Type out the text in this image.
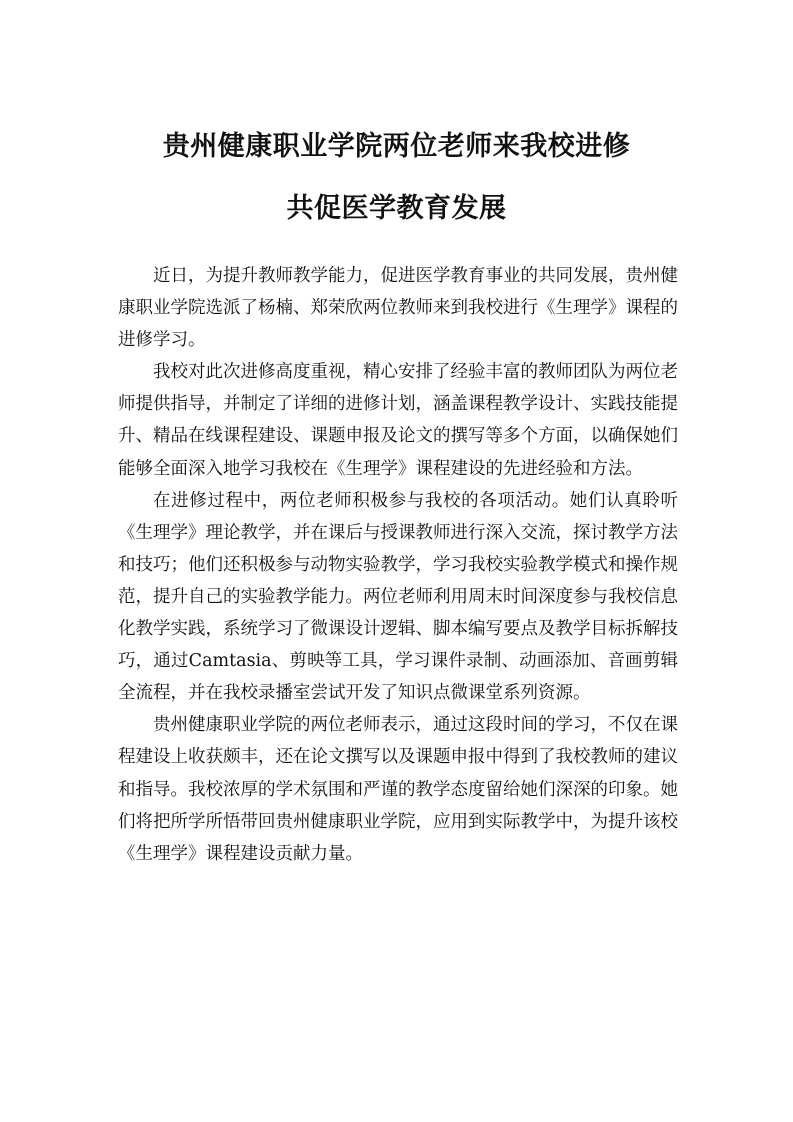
贵州健康职业学院两位老师来我校进修
共促医学教育发展

近日，为提升教师教学能力，促进医学教育事业的共同发展，贵州健康职业学院选派了杨楠、郑荣欣两位教师来到我校进行《生理学》课程的进修学习。

我校对此次进修高度重视，精心安排了经验丰富的教师团队为两位老师提供指导，并制定了详细的进修计划，涵盖课程教学设计、实践技能提升、精品在线课程建设、课题申报及论文的撰写等多个方面，以确保她们能够全面深入地学习我校在《生理学》课程建设的先进经验和方法。

在进修过程中，两位老师积极参与我校的各项活动。她们认真聆听《生理学》理论教学，并在课后与授课教师进行深入交流，探讨教学方法和技巧；他们还积极参与动物实验教学，学习我校实验教学模式和操作规范，提升自己的实验教学能力。两位老师利用周末时间深度参与我校信息化教学实践，系统学习了微课设计逻辑、脚本编写要点及教学目标拆解技巧，通过Camtasia、剪映等工具，学习课件录制、动画添加、音画剪辑全流程，并在我校录播室尝试开发了知识点微课堂系列资源。

贵州健康职业学院的两位老师表示，通过这段时间的学习，不仅在课程建设上收获颇丰，还在论文撰写以及课题申报中得到了我校教师的建议和指导。我校浓厚的学术氛围和严谨的教学态度留给她们深深的印象。她们将把所学所悟带回贵州健康职业学院，应用到实际教学中，为提升该校《生理学》课程建设贡献力量。
